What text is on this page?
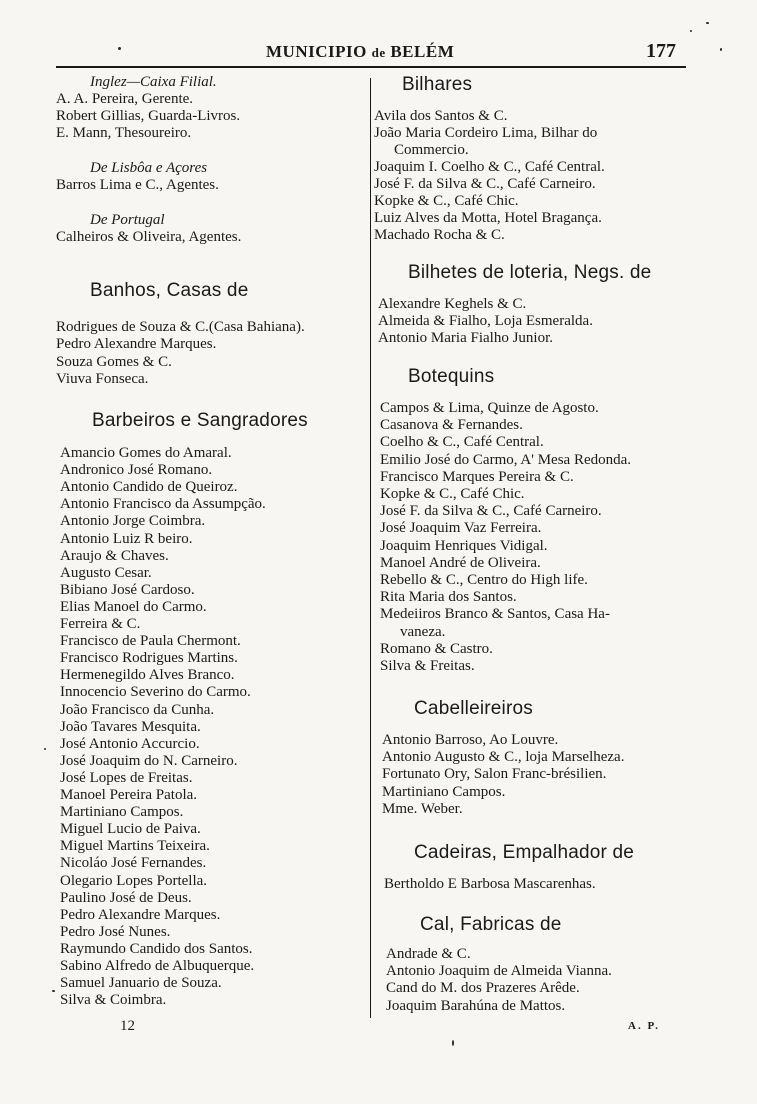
MUNICIPIO de BELÉM	177
Inglez—Caixa Filial.
A. A. Pereira, Gerente.
Robert Gillias, Guarda-Livros.
E. Mann, Thesoureiro.
De Lisbôa e Açores
Barros Lima e C., Agentes.
De Portugal
Calheiros & Oliveira, Agentes.
Banhos, Casas de
Rodrigues de Souza & C.(Casa Bahiana).
Pedro Alexandre Marques.
Souza Gomes & C.
Viuva Fonseca.
Barbeiros e Sangradores
Amancio Gomes do Amaral.
Andronico José Romano.
Antonio Candido de Queiroz.
Antonio Francisco da Assumpção.
Antonio Jorge Coimbra.
Antonio Luiz R beiro.
Araujo & Chaves.
Augusto Cesar.
Bibiano José Cardoso.
Elias Manoel do Carmo.
Ferreira & C.
Francisco de Paula Chermont.
Francisco Rodrigues Martins.
Hermenegildo Alves Branco.
Innocencio Severino do Carmo.
João Francisco da Cunha.
João Tavares Mesquita.
José Antonio Accurcio.
José Joaquim do N. Carneiro.
José Lopes de Freitas.
Manoel Pereira Patola.
Martiniano Campos.
Miguel Lucio de Paiva.
Miguel Martins Teixeira.
Nicoláo José Fernandes.
Olegario Lopes Portella.
Paulino José de Deus.
Pedro Alexandre Marques.
Pedro José Nunes.
Raymundo Candido dos Santos.
Sabino Alfredo de Albuquerque.
Samuel Januario de Souza.
Silva & Coimbra.
Bilhares
Avila dos Santos & C.
João Maria Cordeiro Lima, Bilhar do
Commercio.
Joaquim I. Coelho & C., Café Central.
José F. da Silva & C., Café Carneiro.
Kopke & C., Café Chic.
Luiz Alves da Motta, Hotel Bragança.
Machado Rocha & C.
Bilhetes de loteria, Negs. de
Alexandre Keghels & C.
Almeida & Fialho, Loja Esmeralda.
Antonio Maria Fialho Junior.
Botequins
Campos & Lima, Quinze de Agosto.
Casanova & Fernandes.
Coelho & C., Café Central.
Emilio José do Carmo, A' Mesa Redonda.
Francisco Marques Pereira & C.
Kopke & C., Café Chic.
José F. da Silva & C., Café Carneiro.
José Joaquim Vaz Ferreira.
Joaquim Henriques Vidigal.
Manoel André de Oliveira.
Rebello & C., Centro do High life.
Rita Maria dos Santos.
Medeiiros Branco & Santos, Casa Ha-
vaneza.
Romano & Castro.
Silva & Freitas.
Cabelleireiros
Antonio Barroso, Ao Louvre.
Antonio Augusto & C., loja Marselheza.
Fortunato Ory, Salon Franc-brésilien.
Martiniano Campos.
Mme. Weber.
Cadeiras, Empalhador de
Bertholdo E Barbosa Mascarenhas.
Cal, Fabricas de
Andrade & C.
Antonio Joaquim de Almeida Vianna.
Cand do M. dos Prazeres Arêde.
Joaquim Barahúna de Mattos.
12	A. P.
